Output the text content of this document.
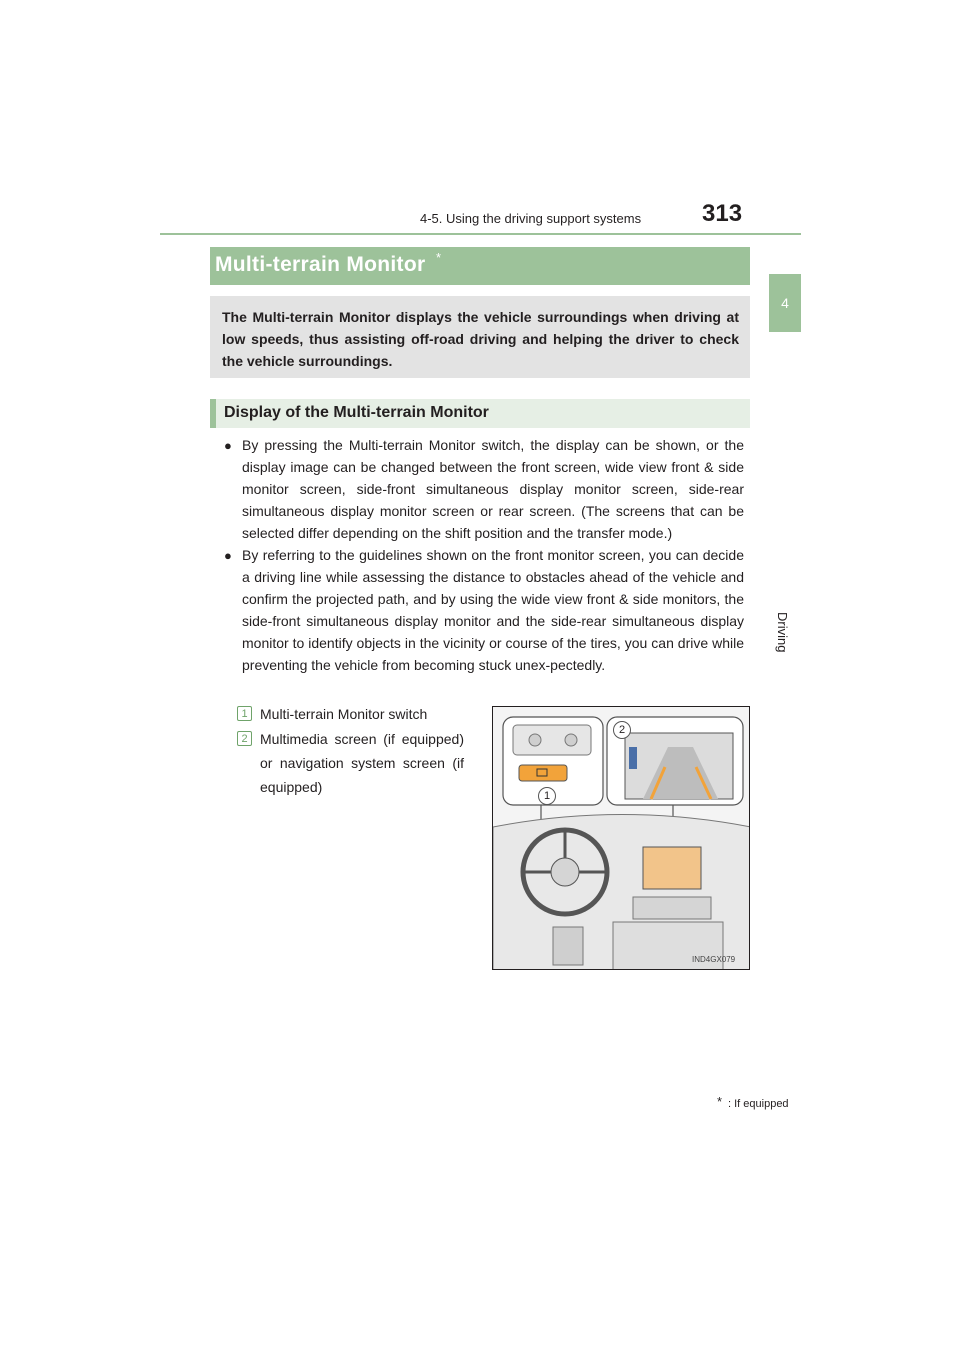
4-5. Using the driving support systems	313
4
Driving
Multi-terrain Monitor *
The Multi-terrain Monitor displays the vehicle surroundings when driving at low speeds, thus assisting off-road driving and helping the driver to check the vehicle surroundings.
Display of the Multi-terrain Monitor
● By pressing the Multi-terrain Monitor switch, the display can be shown, or the display image can be changed between the front screen, wide view front & side monitor screen, side-front simultaneous display monitor screen, side-rear simultaneous display monitor screen or rear screen. (The screens that can be selected differ depending on the shift position and the transfer mode.)
● By referring to the guidelines shown on the front monitor screen, you can decide a driving line while assessing the distance to obstacles ahead of the vehicle and confirm the projected path, and by using the wide view front & side monitors, the side-front simultaneous display monitor and the side-rear simultaneous display monitor to identify objects in the vicinity or course of the tires, you can drive while preventing the vehicle from becoming stuck unex-pectedly.
1 Multi-terrain Monitor switch
2 Multimedia screen (if equipped) or navigation system screen (if equipped)
1
2
IND4GX079
* : If equipped
